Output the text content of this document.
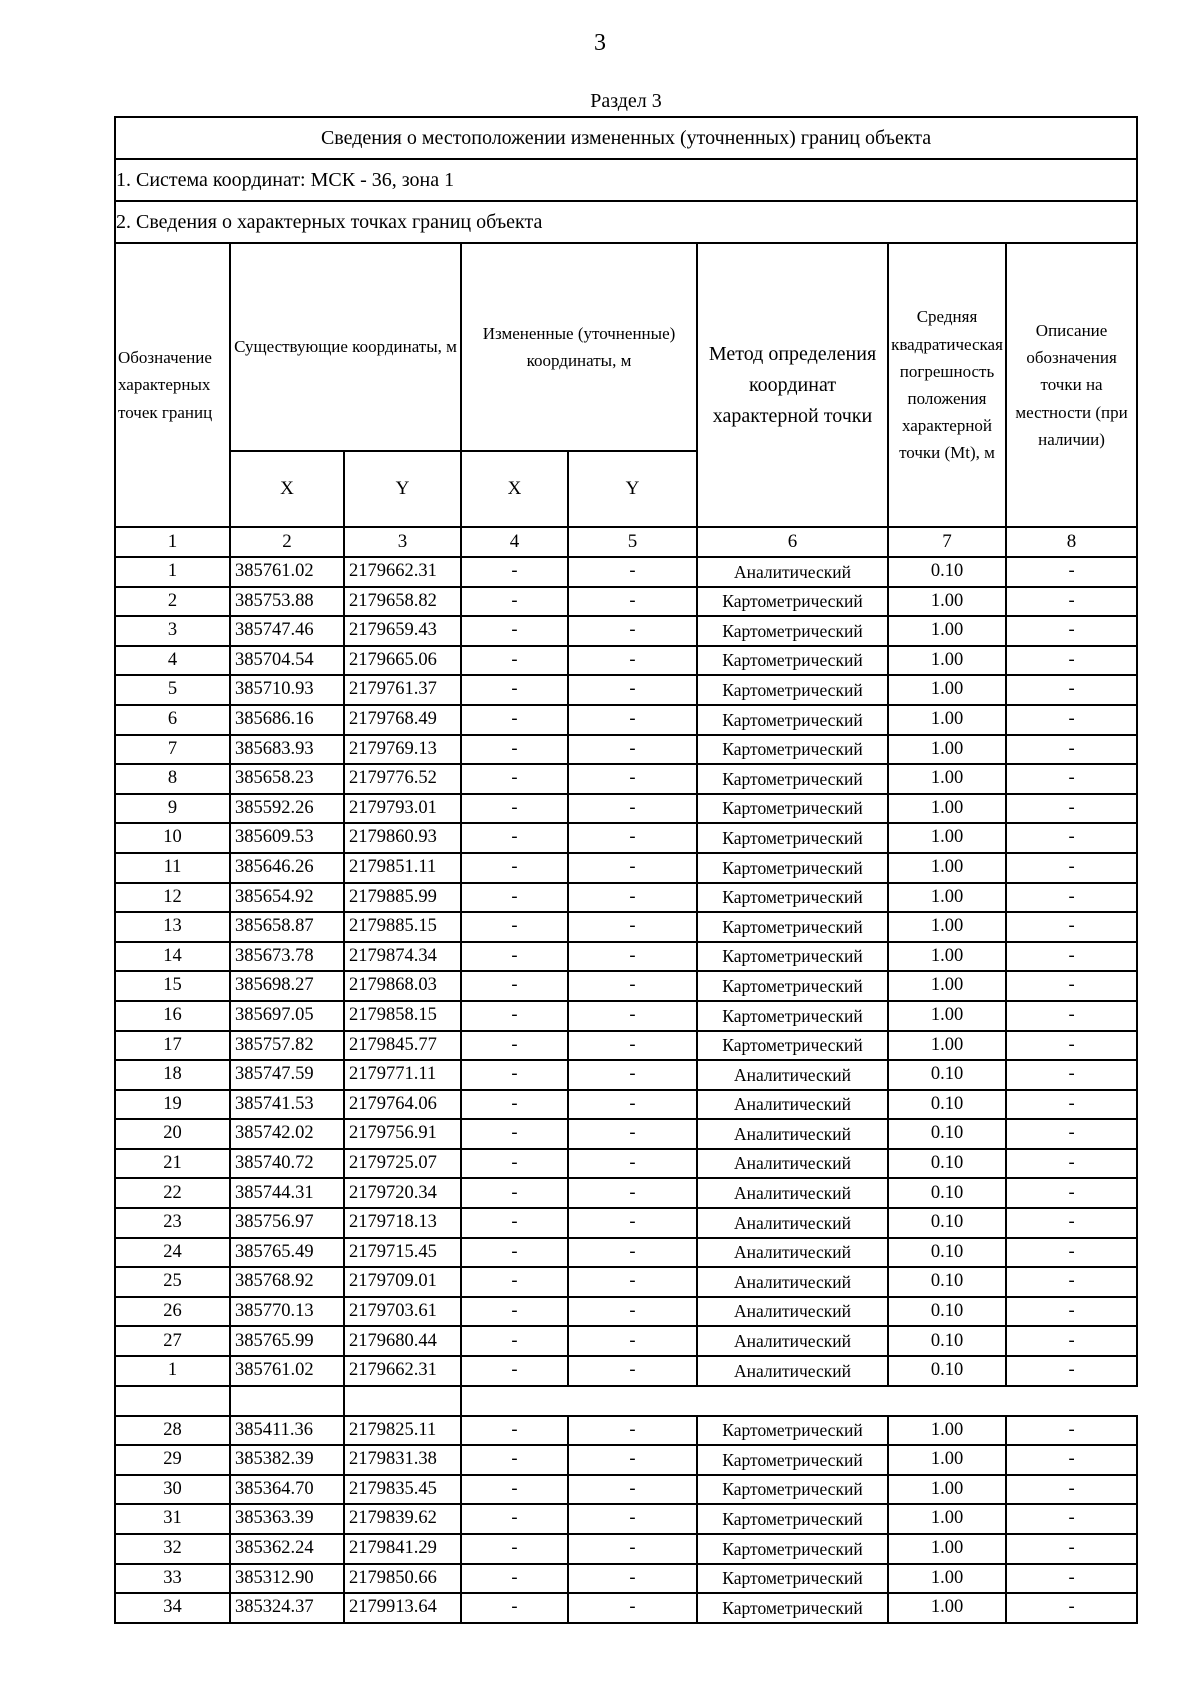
3
Раздел 3
Сведения о местоположении измененных (уточненных) границ объекта							
1. Система координат: МСК - 36, зона 1							
2. Сведения о характерных точках границ объекта							
Обозначение характерных точек границ	Существующие координаты, м		Измененные (уточненные) координаты, м		Метод определения координат характерной точки	Средняя квадратическая погрешность положения характерной точки (Mt), м	Описание обозначения точки на местности (при наличии)
	X	Y	X	Y			
1	2	3	4	5	6	7	8
1	385761.02	2179662.31	-	-	Аналитический	0.10	-
2	385753.88	2179658.82	-	-	Картометрический	1.00	-
3	385747.46	2179659.43	-	-	Картометрический	1.00	-
4	385704.54	2179665.06	-	-	Картометрический	1.00	-
5	385710.93	2179761.37	-	-	Картометрический	1.00	-
6	385686.16	2179768.49	-	-	Картометрический	1.00	-
7	385683.93	2179769.13	-	-	Картометрический	1.00	-
8	385658.23	2179776.52	-	-	Картометрический	1.00	-
9	385592.26	2179793.01	-	-	Картометрический	1.00	-
10	385609.53	2179860.93	-	-	Картометрический	1.00	-
11	385646.26	2179851.11	-	-	Картометрический	1.00	-
12	385654.92	2179885.99	-	-	Картометрический	1.00	-
13	385658.87	2179885.15	-	-	Картометрический	1.00	-
14	385673.78	2179874.34	-	-	Картометрический	1.00	-
15	385698.27	2179868.03	-	-	Картометрический	1.00	-
16	385697.05	2179858.15	-	-	Картометрический	1.00	-
17	385757.82	2179845.77	-	-	Картометрический	1.00	-
18	385747.59	2179771.11	-	-	Аналитический	0.10	-
19	385741.53	2179764.06	-	-	Аналитический	0.10	-
20	385742.02	2179756.91	-	-	Аналитический	0.10	-
21	385740.72	2179725.07	-	-	Аналитический	0.10	-
22	385744.31	2179720.34	-	-	Аналитический	0.10	-
23	385756.97	2179718.13	-	-	Аналитический	0.10	-
24	385765.49	2179715.45	-	-	Аналитический	0.10	-
25	385768.92	2179709.01	-	-	Аналитический	0.10	-
26	385770.13	2179703.61	-	-	Аналитический	0.10	-
27	385765.99	2179680.44	-	-	Аналитический	0.10	-
1	385761.02	2179662.31	-	-	Аналитический	0.10	-

28	385411.36	2179825.11	-	-	Картометрический	1.00	-
29	385382.39	2179831.38	-	-	Картометрический	1.00	-
30	385364.70	2179835.45	-	-	Картометрический	1.00	-
31	385363.39	2179839.62	-	-	Картометрический	1.00	-
32	385362.24	2179841.29	-	-	Картометрический	1.00	-
33	385312.90	2179850.66	-	-	Картометрический	1.00	-
34	385324.37	2179913.64	-	-	Картометрический	1.00	-
